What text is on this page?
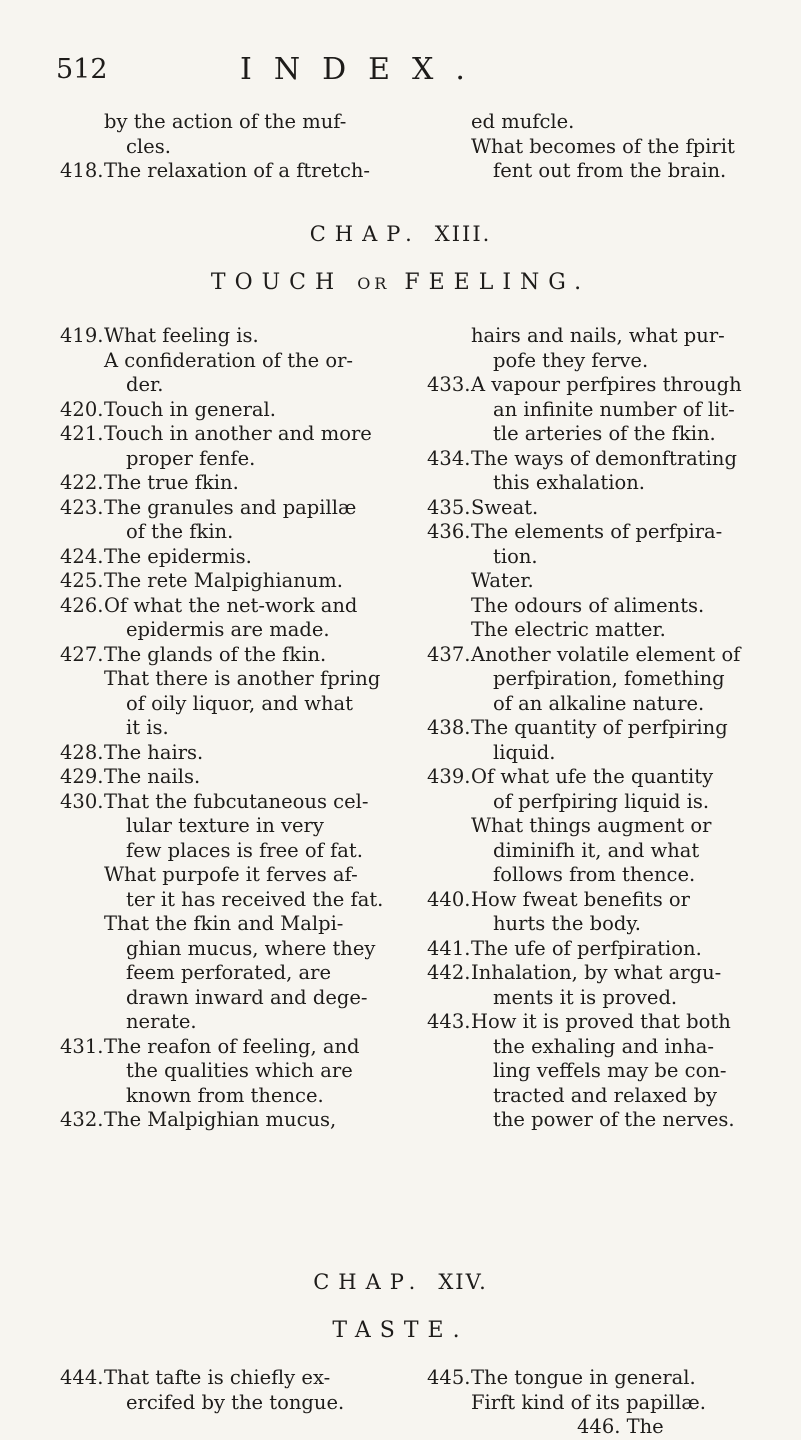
512	INDEX.

by the action of the muf-
cles.

418. The relaxation of a ftretch-

ed mufcle.

What becomes of the fpirit
fent out from the brain.

CHAP. XIII.
TOUCH OR FEELING.

419. What feeling is.

A confideration of the or-
der.

420. Touch in general.

421. Touch in another and more
proper fenfe.

422. The true fkin.

423. The granules and papillæ
of the fkin.

424. The epidermis.

425. The rete Malpighianum.

426. Of what the net-work and
epidermis are made.

427. The glands of the fkin.

That there is another fpring
of oily liquor, and what
it is.

428. The hairs.

429. The nails.

430. That the fubcutaneous cel-
lular texture in very
few places is free of fat.

What purpofe it ferves af-
ter it has received the fat.

That the fkin and Malpi-
ghian mucus, where they
feem perforated, are
drawn inward and dege-
nerate.

431. The reafon of feeling, and
the qualities which are
known from thence.

432. The Malpighian mucus,

hairs and nails, what pur-
pofe they ferve.

433. A vapour perfpires through
an infinite number of lit-
tle arteries of the fkin.

434. The ways of demonftrating
this exhalation.

435. Sweat.

436. The elements of perfpira-
tion.

Water.

The odours of aliments.

The electric matter.

437. Another volatile element of
perfpiration, fomething
of an alkaline nature.

438. The quantity of perfpiring
liquid.

439. Of what ufe the quantity
of perfpiring liquid is.

What things augment or
diminifh it, and what
follows from thence.

440. How fweat benefits or
hurts the body.

441. The ufe of perfpiration.

442. Inhalation, by what argu-
ments it is proved.

443. How it is proved that both
the exhaling and inha-
ling veffels may be con-
tracted and relaxed by
the power of the nerves.

CHAP. XIV.
TASTE.

444. That tafte is chiefly ex-
ercifed by the tongue.

445. The tongue in general.

Firft kind of its papillæ.

446. The
